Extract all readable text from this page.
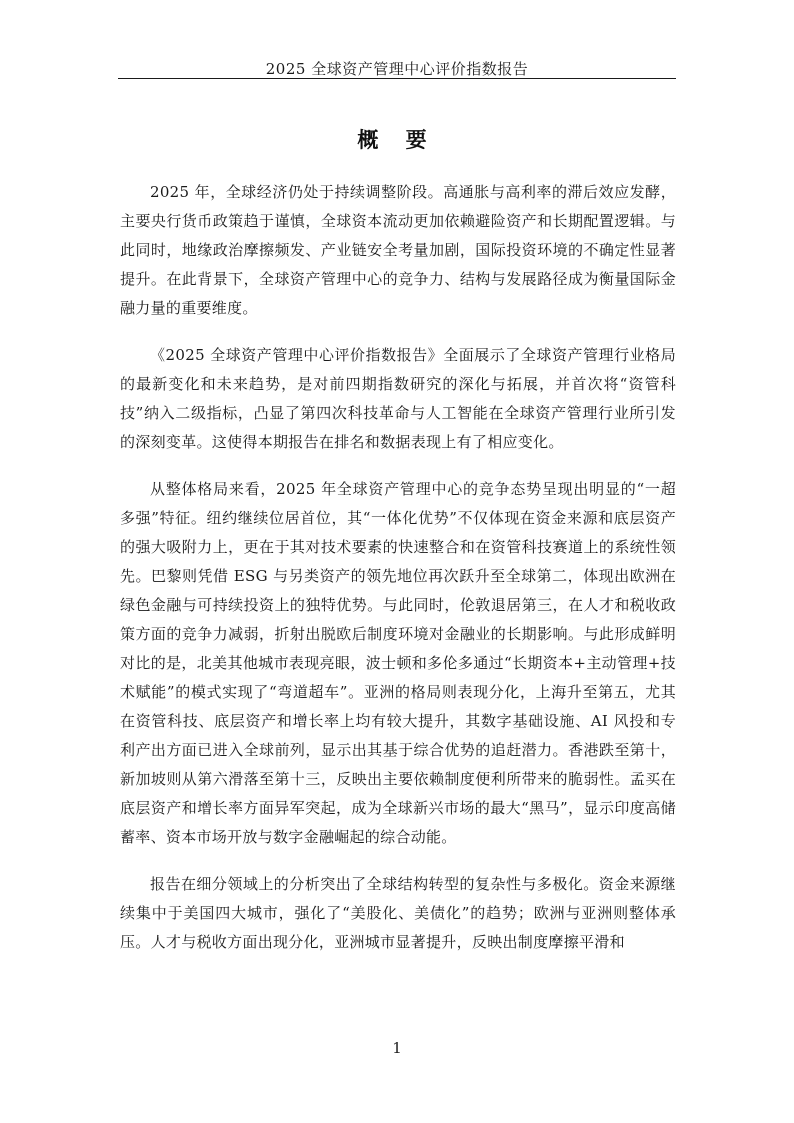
2025 全球资产管理中心评价指数报告
概 要

2025 年，全球经济仍处于持续调整阶段。高通胀与高利率的滞后效应发酵，主要央行货币政策趋于谨慎，全球资本流动更加依赖避险资产和长期配置逻辑。与此同时，地缘政治摩擦频发、产业链安全考量加剧，国际投资环境的不确定性显著提升。在此背景下，全球资产管理中心的竞争力、结构与发展路径成为衡量国际金融力量的重要维度。

《2025 全球资产管理中心评价指数报告》全面展示了全球资产管理行业格局的最新变化和未来趋势，是对前四期指数研究的深化与拓展，并首次将“资管科技”纳入二级指标，凸显了第四次科技革命与人工智能在全球资产管理行业所引发的深刻变革。这使得本期报告在排名和数据表现上有了相应变化。

从整体格局来看，2025 年全球资产管理中心的竞争态势呈现出明显的“一超多强”特征。纽约继续位居首位，其“一体化优势”不仅体现在资金来源和底层资产的强大吸附力上，更在于其对技术要素的快速整合和在资管科技赛道上的系统性领先。巴黎则凭借 ESG 与另类资产的领先地位再次跃升至全球第二，体现出欧洲在绿色金融与可持续投资上的独特优势。与此同时，伦敦退居第三，在人才和税收政策方面的竞争力减弱，折射出脱欧后制度环境对金融业的长期影响。与此形成鲜明对比的是，北美其他城市表现亮眼，波士顿和多伦多通过“长期资本+主动管理+技术赋能”的模式实现了“弯道超车”。亚洲的格局则表现分化，上海升至第五，尤其在资管科技、底层资产和增长率上均有较大提升，其数字基础设施、AI 风投和专利产出方面已进入全球前列，显示出其基于综合优势的追赶潜力。香港跌至第十，新加坡则从第六滑落至第十三，反映出主要依赖制度便利所带来的脆弱性。孟买在底层资产和增长率方面异军突起，成为全球新兴市场的最大“黑马”，显示印度高储蓄率、资本市场开放与数字金融崛起的综合动能。

报告在细分领域上的分析突出了全球结构转型的复杂性与多极化。资金来源继续集中于美国四大城市，强化了“美股化、美债化”的趋势；欧洲与亚洲则整体承压。人才与税收方面出现分化，亚洲城市显著提升，反映出制度摩擦平滑和

1
